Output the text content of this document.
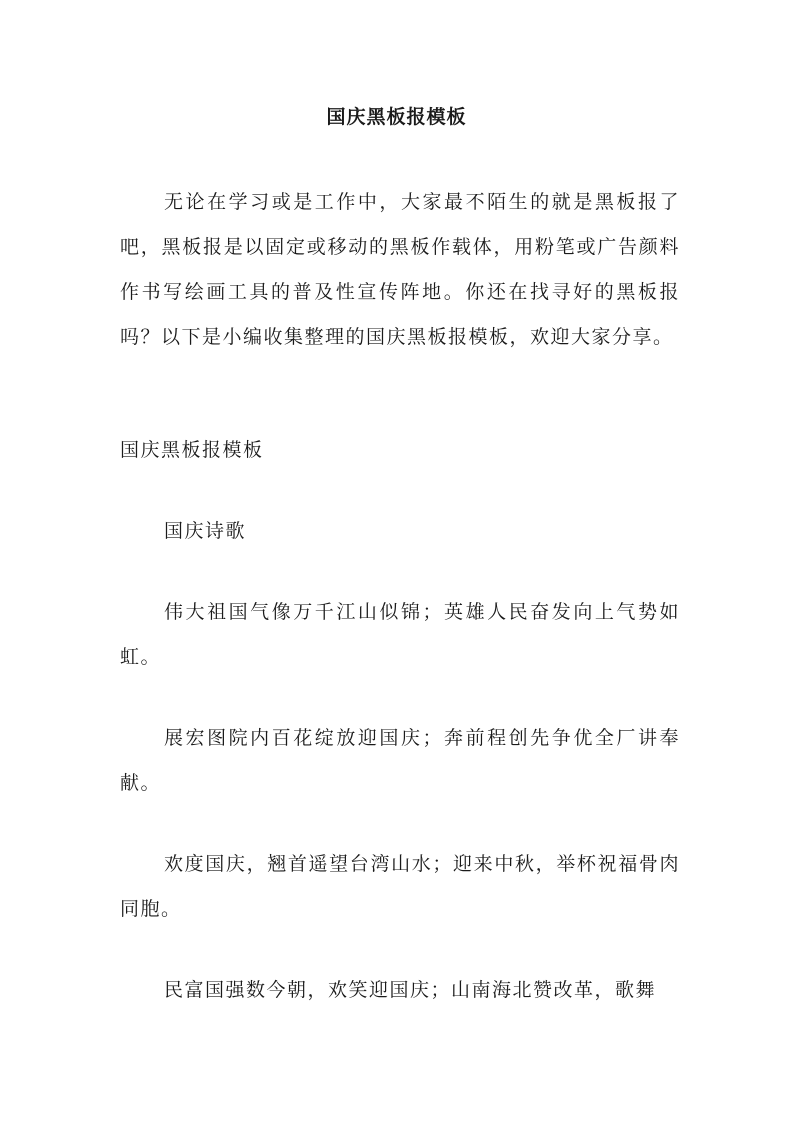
国庆黑板报模板

无论在学习或是工作中，大家最不陌生的就是黑板报了吧，黑板报是以固定或移动的黑板作载体，用粉笔或广告颜料作书写绘画工具的普及性宣传阵地。你还在找寻好的黑板报吗？以下是小编收集整理的国庆黑板报模板，欢迎大家分享。

国庆黑板报模板

国庆诗歌

伟大祖国气像万千江山似锦；英雄人民奋发向上气势如虹。

展宏图院内百花绽放迎国庆；奔前程创先争优全厂讲奉献。

欢度国庆，翘首遥望台湾山水；迎来中秋，举杯祝福骨肉同胞。

民富国强数今朝，欢笑迎国庆；山南海北赞改革，歌舞
